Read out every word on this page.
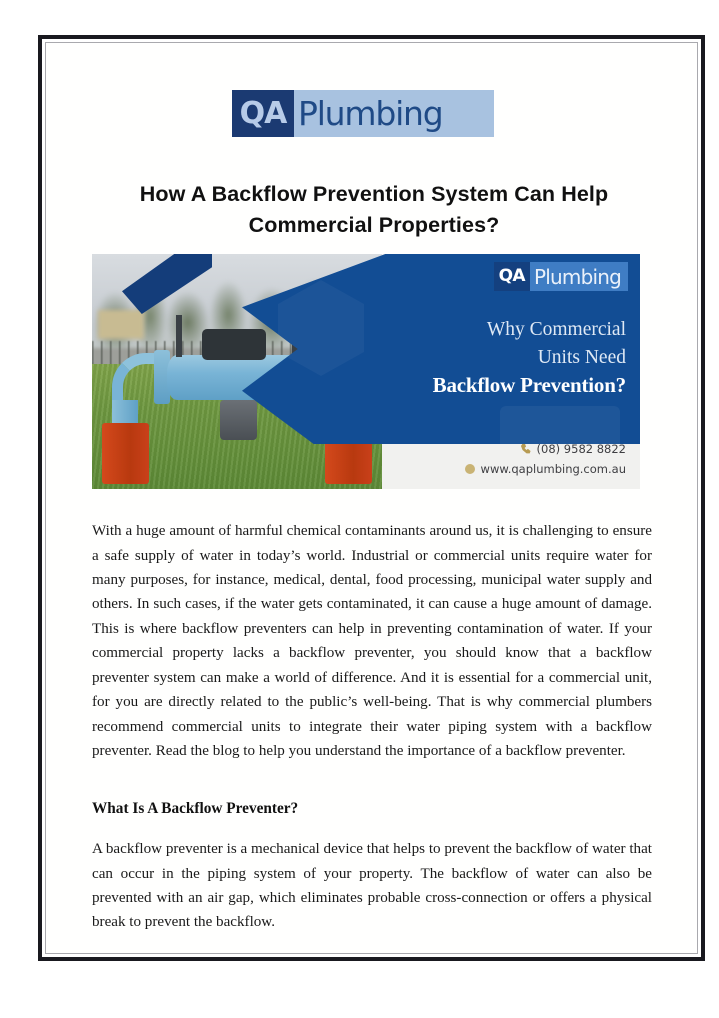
QA Plumbing
How A Backflow Prevention System Can Help Commercial Properties?
QA Plumbing
Why Commercial
Units Need
Backflow Prevention?
(08) 9582 8822
www.qaplumbing.com.au

With a huge amount of harmful chemical contaminants around us, it is challenging to ensure a safe supply of water in today’s world. Industrial or commercial units require water for many purposes, for instance, medical, dental, food processing, municipal water supply and others. In such cases, if the water gets contaminated, it can cause a huge amount of damage. This is where backflow preventers can help in preventing contamination of water. If your commercial property lacks a backflow preventer, you should know that a backflow preventer system can make a world of difference. And it is essential for a commercial unit, for you are directly related to the public’s well-being. That is why commercial plumbers recommend commercial units to integrate their water piping system with a backflow preventer. Read the blog to help you understand the importance of a backflow preventer.

What Is A Backflow Preventer?

A backflow preventer is a mechanical device that helps to prevent the backflow of water that can occur in the piping system of your property. The backflow of water can also be prevented with an air gap, which eliminates probable cross-connection or offers a physical break to prevent the backflow.
